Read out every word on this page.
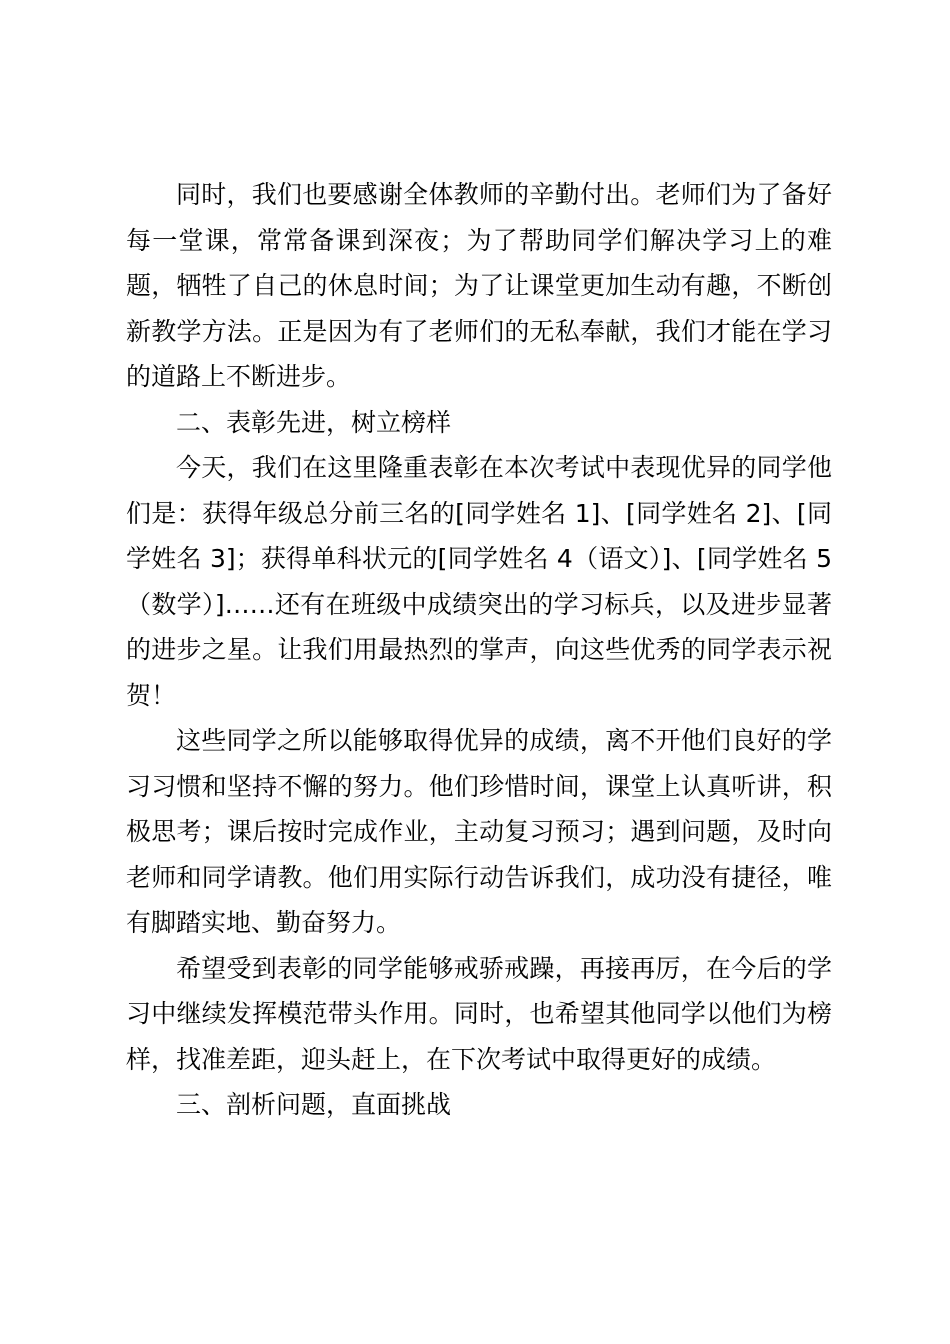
同时，我们也要感谢全体教师的辛勤付出。老师们为了备好每一堂课，常常备课到深夜；为了帮助同学们解决学习上的难题，牺牲了自己的休息时间；为了让课堂更加生动有趣，不断创新教学方法。正是因为有了老师们的无私奉献，我们才能在学习的道路上不断进步。

二、表彰先进，树立榜样

今天，我们在这里隆重表彰在本次考试中表现优异的同学他们是：获得年级总分前三名的[同学姓名 1]、[同学姓名 2]、[同学姓名 3]；获得单科状元的[同学姓名 4（语文）]、[同学姓名 5（数学）]……还有在班级中成绩突出的学习标兵，以及进步显著的进步之星。让我们用最热烈的掌声，向这些优秀的同学表示祝贺！

这些同学之所以能够取得优异的成绩，离不开他们良好的学习习惯和坚持不懈的努力。他们珍惜时间，课堂上认真听讲，积极思考；课后按时完成作业，主动复习预习；遇到问题，及时向老师和同学请教。他们用实际行动告诉我们，成功没有捷径，唯有脚踏实地、勤奋努力。

希望受到表彰的同学能够戒骄戒躁，再接再厉，在今后的学习中继续发挥模范带头作用。同时，也希望其他同学以他们为榜样，找准差距，迎头赶上，在下次考试中取得更好的成绩。

三、剖析问题，直面挑战
